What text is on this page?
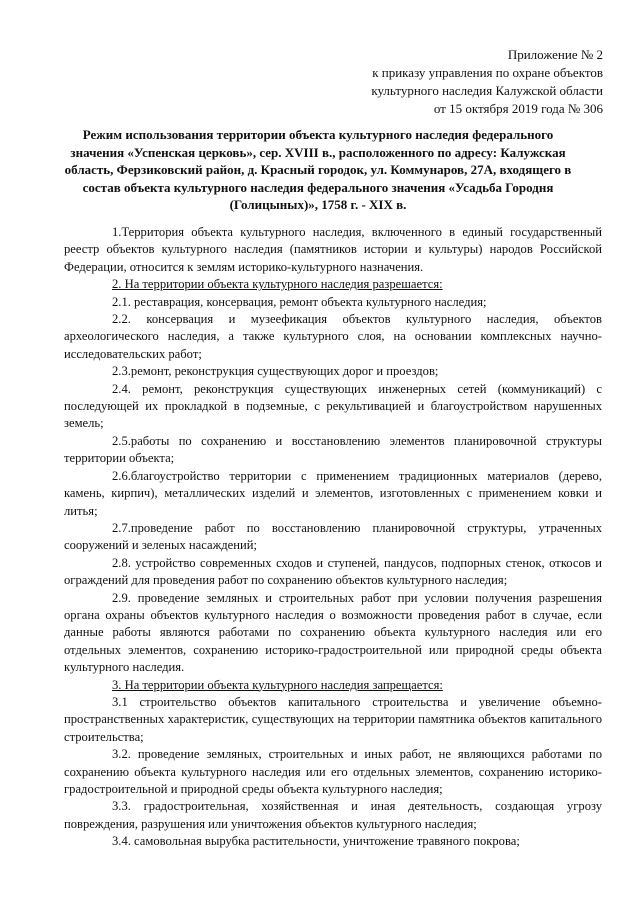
Приложение № 2
к приказу управления по охране объектов
культурного наследия Калужской области
от 15 октября 2019 года № 306
Режим использования территории объекта культурного наследия федерального значения «Успенская церковь», сер. XVIII в., расположенного по адресу: Калужская область, Ферзиковский район, д. Красный городок, ул. Коммунаров, 27А, входящего в состав объекта культурного наследия федерального значения «Усадьба Городня (Голицыных)», 1758 г. - XIX в.

1.Территория объекта культурного наследия, включенного в единый государственный реестр объектов культурного наследия (памятников истории и культуры) народов Российской Федерации, относится к землям историко-культурного назначения.

2. На территории объекта культурного наследия разрешается:

2.1. реставрация, консервация, ремонт объекта культурного наследия;

2.2. консервация и музеефикация объектов культурного наследия, объектов археологического наследия, а также культурного слоя, на основании комплексных научно-исследовательских работ;

2.3.ремонт, реконструкция существующих дорог и проездов;

2.4. ремонт, реконструкция существующих инженерных сетей (коммуникаций) с последующей их прокладкой в подземные, с рекультивацией и благоустройством нарушенных земель;

2.5.работы по сохранению и восстановлению элементов планировочной структуры территории объекта;

2.6.благоустройство территории с применением традиционных материалов (дерево, камень, кирпич), металлических изделий и элементов, изготовленных с применением ковки и литья;

2.7.проведение работ по восстановлению планировочной структуры, утраченных сооружений и зеленых насаждений;

2.8. устройство современных сходов и ступеней, пандусов, подпорных стенок, откосов и ограждений для проведения работ по сохранению объектов культурного наследия;

2.9. проведение земляных и строительных работ при условии получения разрешения органа охраны объектов культурного наследия о возможности проведения работ в случае, если данные работы являются работами по сохранению объекта культурного наследия или его отдельных элементов, сохранению историко-градостроительной или природной среды объекта культурного наследия.

3. На территории объекта культурного наследия запрещается:

3.1 строительство объектов капитального строительства и увеличение объемно-пространственных характеристик, существующих на территории памятника объектов капитального строительства;

3.2. проведение земляных, строительных и иных работ, не являющихся работами по сохранению объекта культурного наследия или его отдельных элементов, сохранению историко-градостроительной и природной среды объекта культурного наследия;

3.3. градостроительная, хозяйственная и иная деятельность, создающая угрозу повреждения, разрушения или уничтожения объектов культурного наследия;

3.4. самовольная вырубка растительности, уничтожение травяного покрова;
